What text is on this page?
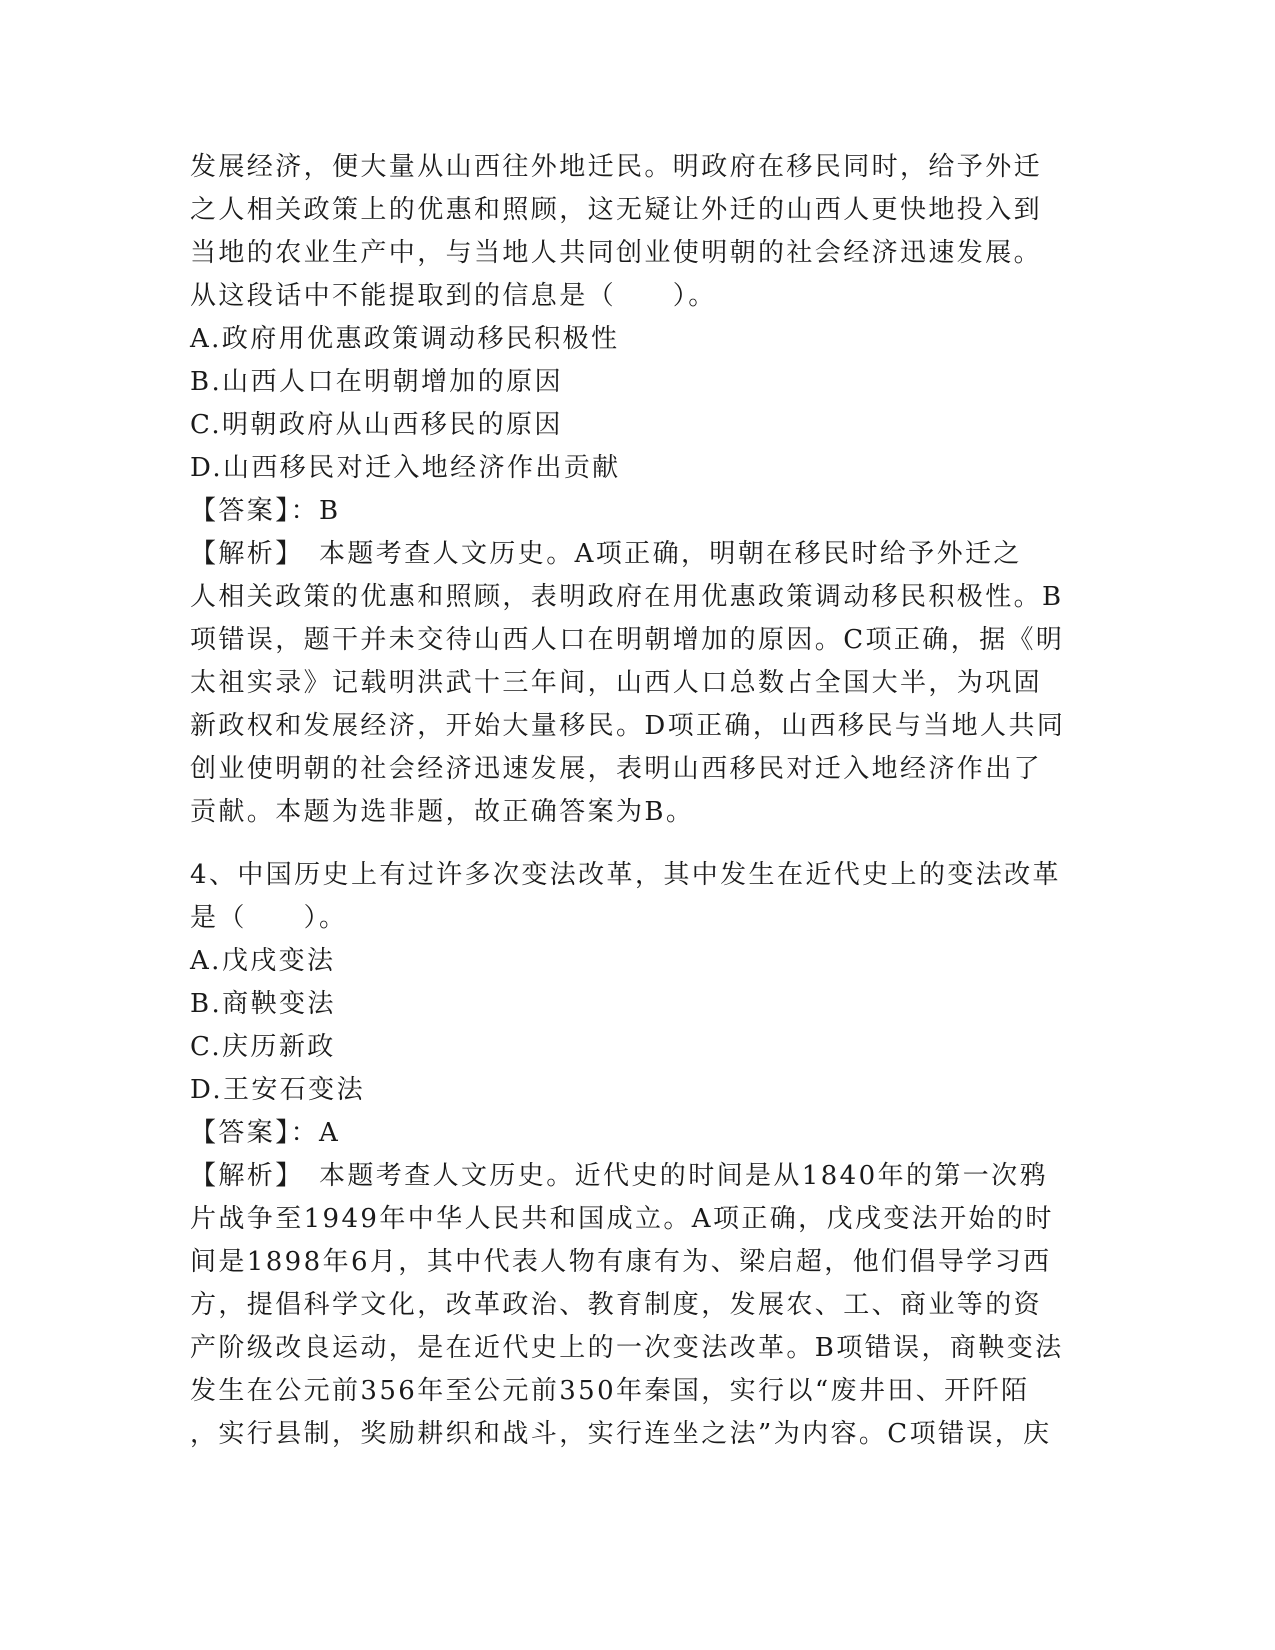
发展经济，便大量从山西往外地迁民。明政府在移民同时，给予外迁
之人相关政策上的优惠和照顾，这无疑让外迁的山西人更快地投入到
当地的农业生产中，与当地人共同创业使明朝的社会经济迅速发展。
从这段话中不能提取到的信息是（　　）。
A.政府用优惠政策调动移民积极性
B.山西人口在明朝增加的原因
C.明朝政府从山西移民的原因
D.山西移民对迁入地经济作出贡献
【答案】：B
【解析】　本题考查人文历史。A项正确，明朝在移民时给予外迁之
人相关政策的优惠和照顾，表明政府在用优惠政策调动移民积极性。B
项错误，题干并未交待山西人口在明朝增加的原因。C项正确，据《明
太祖实录》记载明洪武十三年间，山西人口总数占全国大半，为巩固
新政权和发展经济，开始大量移民。D项正确，山西移民与当地人共同
创业使明朝的社会经济迅速发展，表明山西移民对迁入地经济作出了
贡献。本题为选非题，故正确答案为B。
4、中国历史上有过许多次变法改革，其中发生在近代史上的变法改革
是（　　）。
A.戊戌变法
B.商鞅变法
C.庆历新政
D.王安石变法
【答案】：A
【解析】　本题考查人文历史。近代史的时间是从1840年的第一次鸦
片战争至1949年中华人民共和国成立。A项正确，戊戌变法开始的时
间是1898年6月，其中代表人物有康有为、梁启超，他们倡导学习西
方，提倡科学文化，改革政治、教育制度，发展农、工、商业等的资
产阶级改良运动，是在近代史上的一次变法改革。B项错误，商鞅变法
发生在公元前356年至公元前350年秦国，实行以“废井田、开阡陌
，实行县制，奖励耕织和战斗，实行连坐之法”为内容。C项错误，庆
